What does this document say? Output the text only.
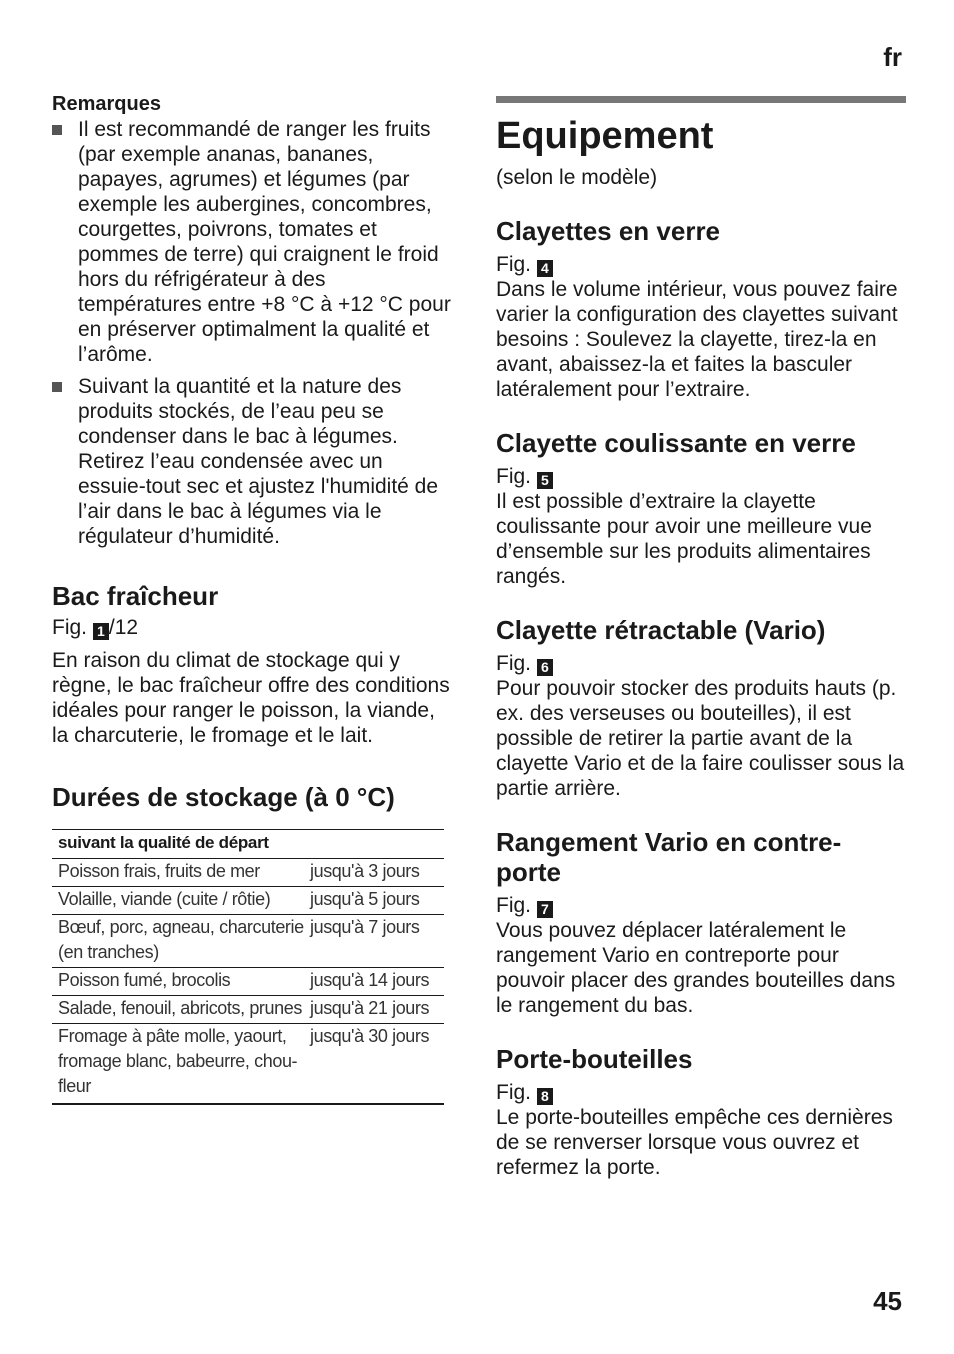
fr

Remarques

Il est recommandé de ranger les fruits (par exemple ananas, bananes, papayes, agrumes) et légumes (par exemple les aubergines, concombres, courgettes, poivrons, tomates et pommes de terre) qui craignent le froid hors du réfrigérateur à des températures entre +8 °C à +12 °C pour en préserver optimalment la qualité et l’arôme.
Suivant la quantité et la nature des produits stockés, de l’eau peu se condenser dans le bac à légumes. Retirez l’eau condensée avec un essuie-tout sec et ajustez l'humidité de l’air dans le bac à légumes via le régulateur d’humidité.
Bac fraîcheur

Fig. 1 /12

En raison du climat de stockage qui y règne, le bac fraîcheur offre des conditions idéales pour ranger le poisson, la viande, la charcuterie, le fromage et le lait.

Durées de stockage (à 0 °C)
suivant la qualité de départ	
Poisson frais, fruits de mer	jusqu'à 3 jours
Volaille, viande (cuite / rôtie)	jusqu'à 5 jours
Bœuf, porc, agneau, charcuterie (en tranches)	jusqu'à 7 jours
Poisson fumé, brocolis	jusqu'à 14 jours
Salade, fenouil, abricots, prunes	jusqu'à 21 jours
Fromage à pâte molle, yaourt, fromage blanc, babeurre, chou-fleur	jusqu'à 30 jours
Equipement

(selon le modèle)

Clayettes en verre

Fig. 4

Dans le volume intérieur, vous pouvez faire varier la configuration des clayettes suivant besoins : Soulevez la clayette, tirez-la en avant, abaissez-la et faites la basculer latéralement pour l’extraire.

Clayette coulissante en verre

Fig. 5

Il est possible d’extraire la clayette coulissante pour avoir une meilleure vue d’ensemble sur les produits alimentaires rangés.

Clayette rétractable (Vario)

Fig. 6

Pour pouvoir stocker des produits hauts (p. ex. des verseuses ou bouteilles), il est possible de retirer la partie avant de la clayette Vario et de la faire coulisser sous la partie arrière.

Rangement Vario en contre-porte

Fig. 7

Vous pouvez déplacer latéralement le rangement Vario en contreporte pour pouvoir placer des grandes bouteilles dans le rangement du bas.

Porte-bouteilles

Fig. 8

Le porte-bouteilles empêche ces dernières de se renverser lorsque vous ouvrez et refermez la porte.

45
